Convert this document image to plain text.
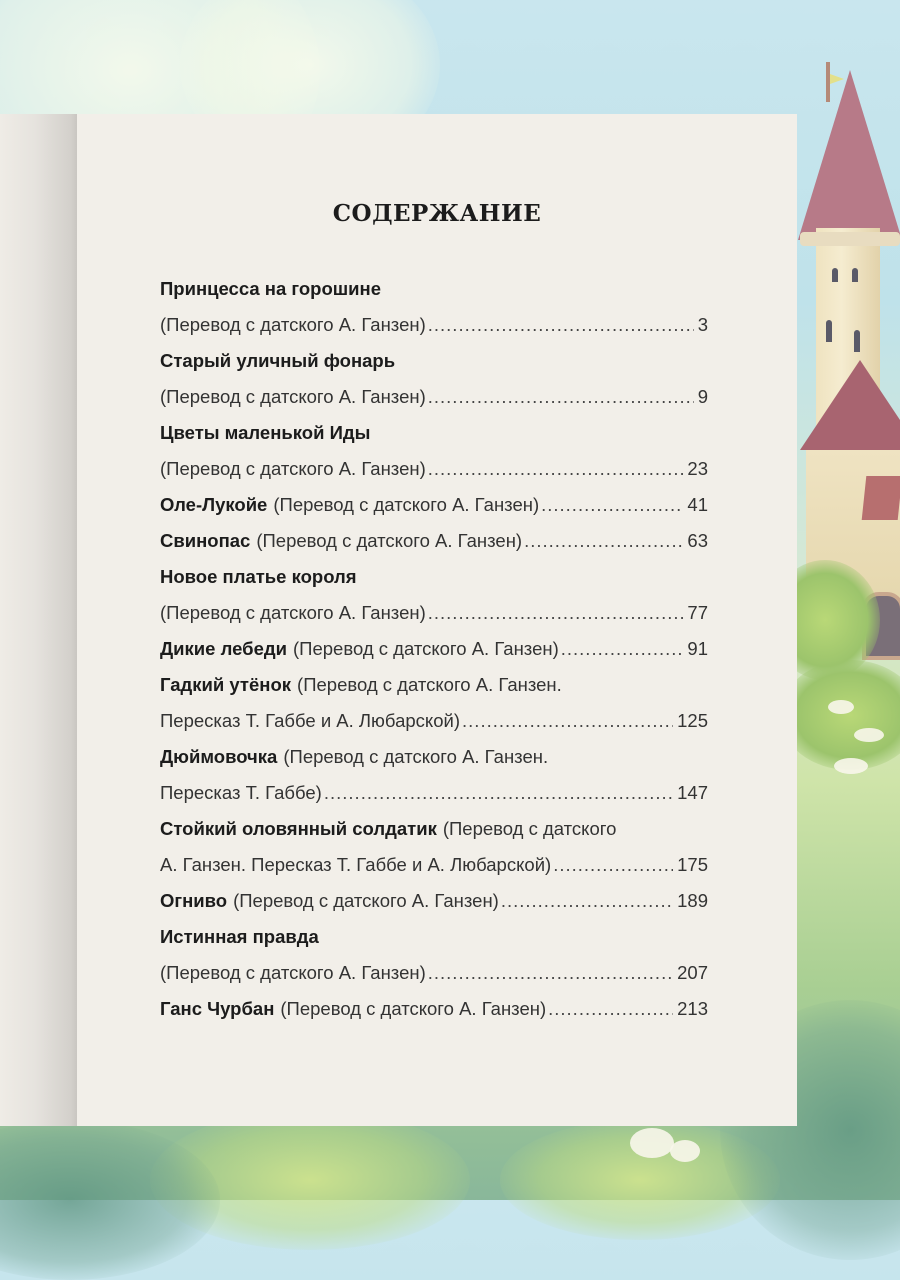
СОДЕРЖАНИЕ
Принцесса на горошине
(Перевод с датского А. Ганзен) .....	3
Старый уличный фонарь
(Перевод с датского А. Ганзен) .....	9
Цветы маленькой Иды
(Перевод с датского А. Ганзен) .....	23
Оле-Лукойе (Перевод с датского А. Ганзен) .....	41
Свинопас (Перевод с датского А. Ганзен) .....	63
Новое платье короля
(Перевод с датского А. Ганзен) .....	77
Дикие лебеди (Перевод с датского А. Ганзен) .....	91
Гадкий утёнок (Перевод с датского А. Ганзен.
Пересказ Т. Габбе и А. Любарской) .....	125
Дюймовочка (Перевод с датского А. Ганзен.
Пересказ Т. Габбе) .....	147
Стойкий оловянный солдатик (Перевод с датского
А. Ганзен. Пересказ Т. Габбе и А. Любарской) .....	175
Огниво (Перевод с датского А. Ганзен) .....	189
Истинная правда
(Перевод с датского А. Ганзен) .....	207
Ганс Чурбан (Перевод с датского А. Ганзен) .....	213
